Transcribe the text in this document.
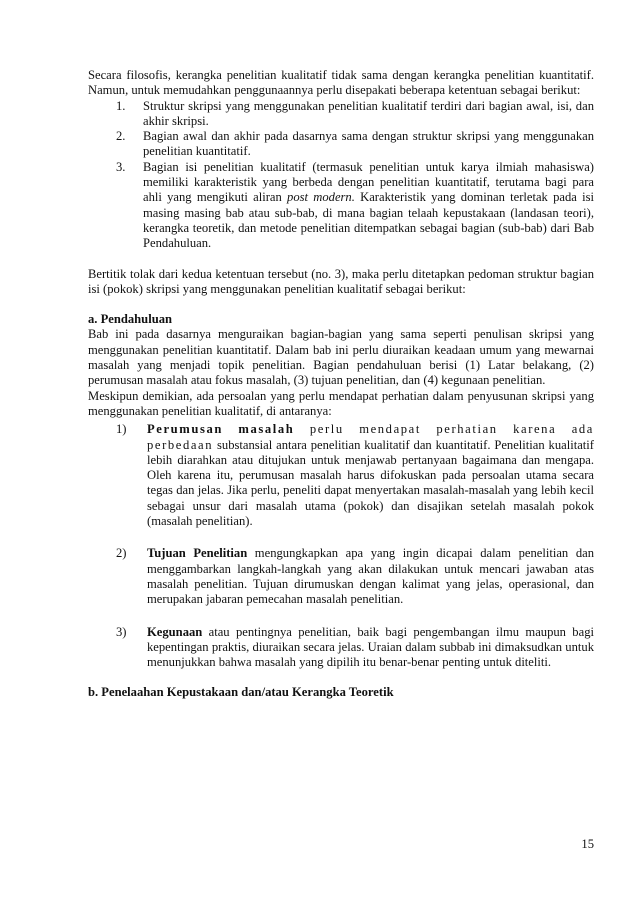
Secara filosofis, kerangka penelitian kualitatif tidak sama dengan kerangka penelitian kuantitatif. Namun, untuk memudahkan penggunaannya perlu disepakati beberapa ketentuan sebagai berikut:

1. Struktur skripsi yang menggunakan penelitian kualitatif terdiri dari bagian awal, isi, dan akhir skripsi.
2. Bagian awal dan akhir pada dasarnya sama dengan struktur skripsi yang menggunakan penelitian kuantitatif.
3. Bagian isi penelitian kualitatif (termasuk penelitian untuk karya ilmiah mahasiswa) memiliki karakteristik yang berbeda dengan penelitian kuantitatif, terutama bagi para ahli yang mengikuti aliran post modern. Karakteristik yang dominan terletak pada isi masing masing bab atau sub-bab, di mana bagian telaah kepustakaan (landasan teori), kerangka teoretik, dan metode penelitian ditempatkan sebagai bagian (sub-bab) dari Bab Pendahuluan.

Bertitik tolak dari kedua ketentuan tersebut (no. 3), maka perlu ditetapkan pedoman struktur bagian isi (pokok) skripsi yang menggunakan penelitian kualitatif sebagai berikut:

a. Pendahuluan

Bab ini pada dasarnya menguraikan bagian-bagian yang sama seperti penulisan skripsi yang menggunakan penelitian kuantitatif. Dalam bab ini perlu diuraikan keadaan umum yang mewarnai masalah yang menjadi topik penelitian. Bagian pendahuluan berisi (1) Latar belakang, (2) perumusan masalah atau fokus masalah, (3) tujuan penelitian, dan (4) kegunaan penelitian.

Meskipun demikian, ada persoalan yang perlu mendapat perhatian dalam penyusunan skripsi yang menggunakan penelitian kualitatif, di antaranya:

1) Perumusan masalah perlu mendapat perhatian karena ada perbedaan substansial antara penelitian kualitatif dan kuantitatif. Penelitian kualitatif lebih diarahkan atau ditujukan untuk menjawab pertanyaan bagaimana dan mengapa. Oleh karena itu, perumusan masalah harus difokuskan pada persoalan utama secara tegas dan jelas. Jika perlu, peneliti dapat menyertakan masalah-masalah yang lebih kecil sebagai unsur dari masalah utama (pokok) dan disajikan setelah masalah pokok (masalah penelitian).
2) Tujuan Penelitian mengungkapkan apa yang ingin dicapai dalam penelitian dan menggambarkan langkah-langkah yang akan dilakukan untuk mencari jawaban atas masalah penelitian. Tujuan dirumuskan dengan kalimat yang jelas, operasional, dan merupakan jabaran pemecahan masalah penelitian.
3) Kegunaan atau pentingnya penelitian, baik bagi pengembangan ilmu maupun bagi kepentingan praktis, diuraikan secara jelas. Uraian dalam subbab ini dimaksudkan untuk menunjukkan bahwa masalah yang dipilih itu benar-benar penting untuk diteliti.

b. Penelaahan Kepustakaan dan/atau Kerangka Teoretik

15
